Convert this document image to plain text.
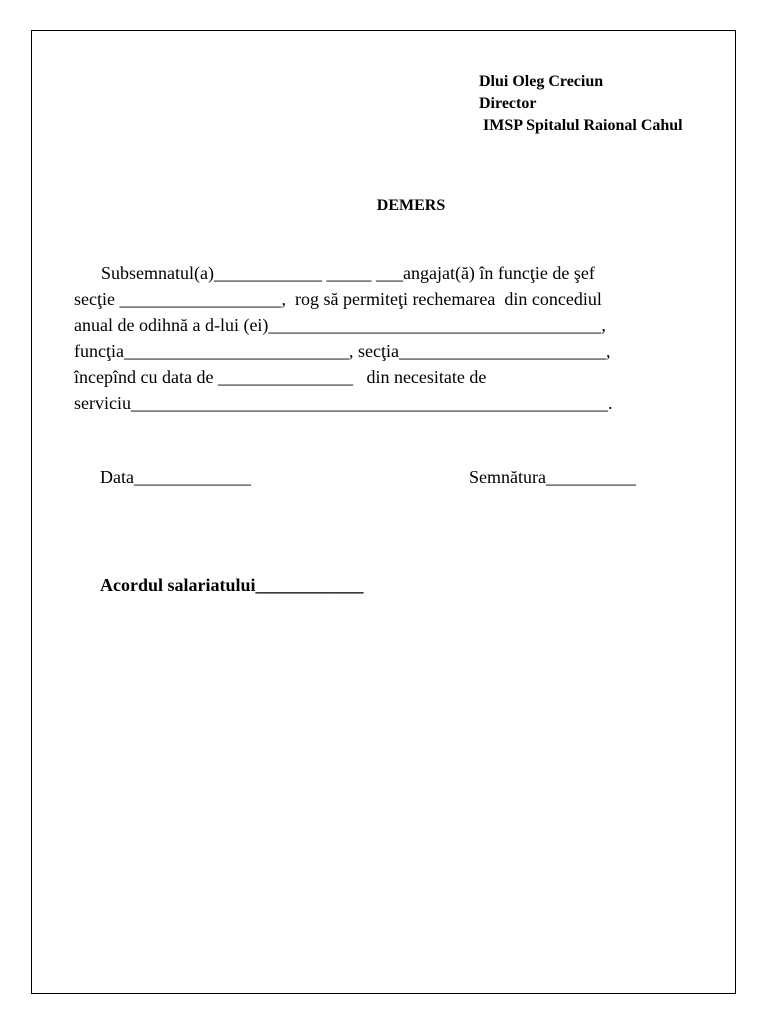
Dlui Oleg Creciun
Director
IMSP Spitalul Raional Cahul
DEMERS
Subsemnatul(a)____________ _____ ___angajat(ă) în funcţie de şef
secţie __________________,  rog să permiteţi rechemarea  din concediul
anual de odihnă a d-lui (ei)_____________________________________,
funcţia_________________________, secţia_______________________,
începînd cu data de _______________   din necesitate de
serviciu_____________________________________________________.
Data_____________	Semnătura__________
Acordul salariatului____________
